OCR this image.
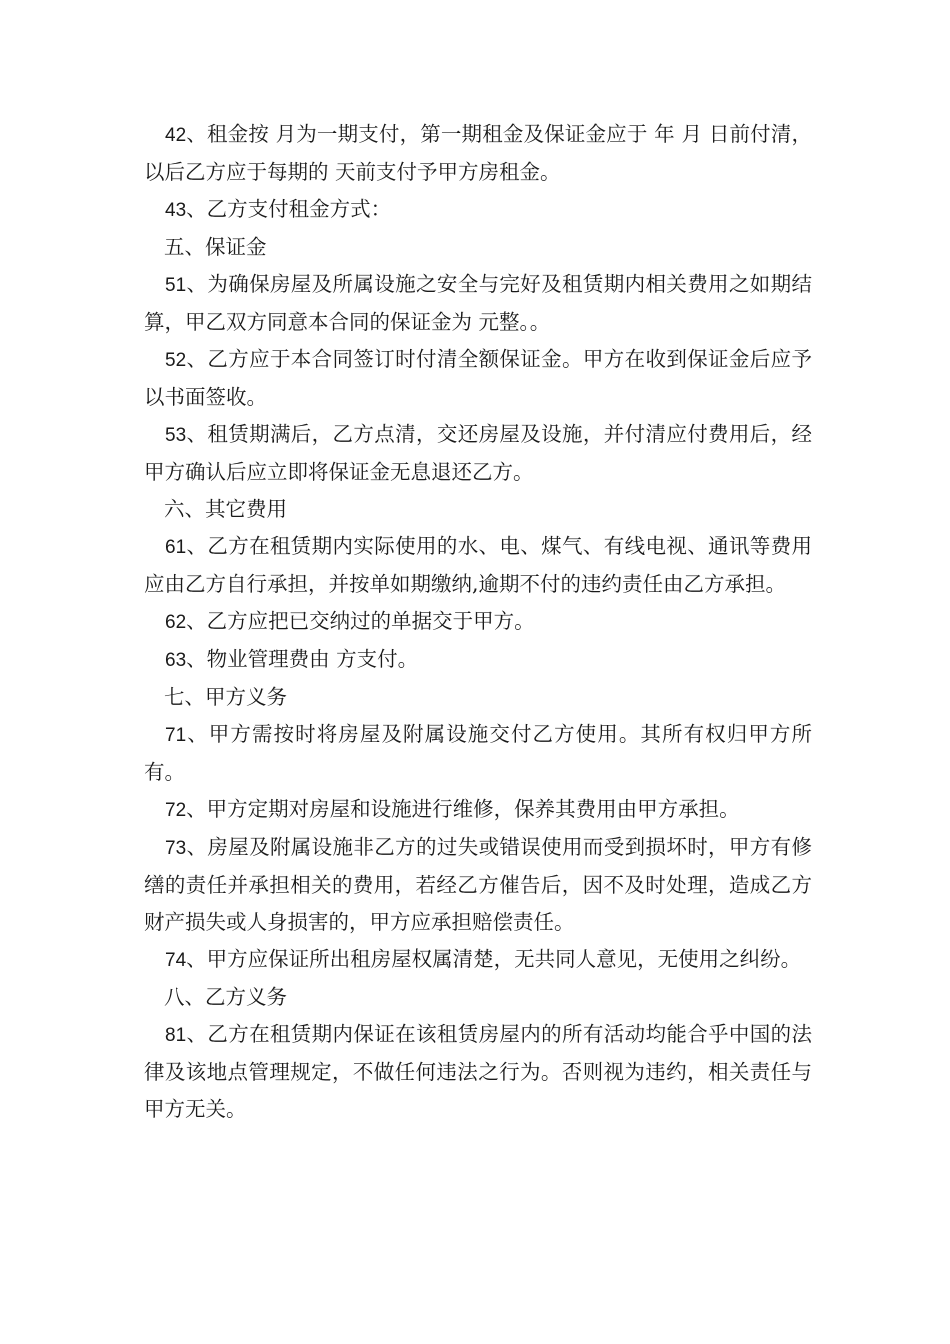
42、租金按 月为一期支付，第一期租金及保证金应于 年 月 日前付清，以后乙方应于每期的 天前支付予甲方房租金。

43、乙方支付租金方式：

五、保证金

51、为确保房屋及所属设施之安全与完好及租赁期内相关费用之如期结算，甲乙双方同意本合同的保证金为 元整。。

52、乙方应于本合同签订时付清全额保证金。甲方在收到保证金后应予以书面签收。

53、租赁期满后，乙方点清，交还房屋及设施，并付清应付费用后，经甲方确认后应立即将保证金无息退还乙方。

六、其它费用

61、乙方在租赁期内实际使用的水、电、煤气、有线电视、通讯等费用应由乙方自行承担，并按单如期缴纳,逾期不付的违约责任由乙方承担。

62、乙方应把已交纳过的单据交于甲方。

63、物业管理费由 方支付。

七、甲方义务

71、甲方需按时将房屋及附属设施交付乙方使用。其所有权归甲方所有。

72、甲方定期对房屋和设施进行维修，保养其费用由甲方承担。

73、房屋及附属设施非乙方的过失或错误使用而受到损坏时，甲方有修缮的责任并承担相关的费用，若经乙方催告后，因不及时处理，造成乙方财产损失或人身损害的，甲方应承担赔偿责任。

74、甲方应保证所出租房屋权属清楚，无共同人意见，无使用之纠纷。

八、乙方义务

81、乙方在租赁期内保证在该租赁房屋内的所有活动均能合乎中国的法律及该地点管理规定，不做任何违法之行为。否则视为违约，相关责任与甲方无关。
